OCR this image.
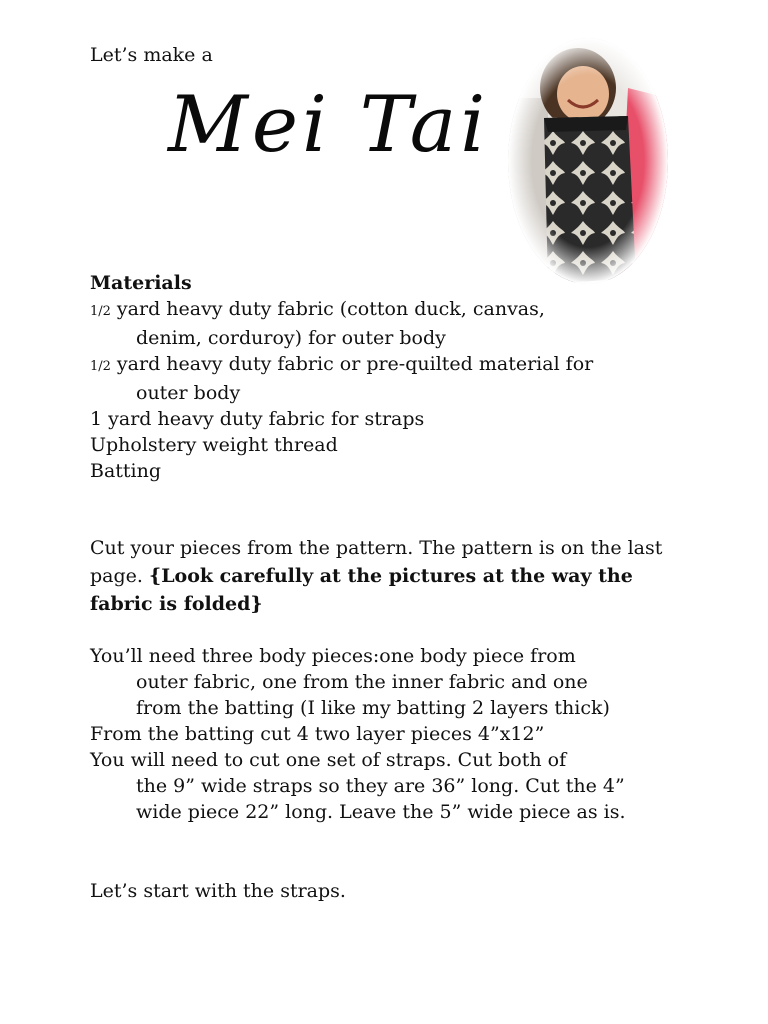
Let’s make a
Mei Tai
Materials
1/2 yard heavy duty fabric (cotton duck, canvas,
denim, corduroy) for outer body
1/2 yard heavy duty fabric or pre-quilted material for
outer body
1 yard heavy duty fabric for straps
Upholstery weight thread
Batting
Cut your pieces from the pattern. The pattern is on the last page. {Look carefully at the pictures at the way the fabric is folded}

You’ll need three body pieces:one body piece from

outer fabric, one from the inner fabric and one

from the batting (I like my batting 2 layers thick)

From the batting cut 4 two layer pieces 4”x12”

You will need to cut one set of straps. Cut both of

the 9” wide straps so they are 36” long. Cut the 4”

wide piece 22” long. Leave the 5” wide piece as is.

Let’s start with the straps.
